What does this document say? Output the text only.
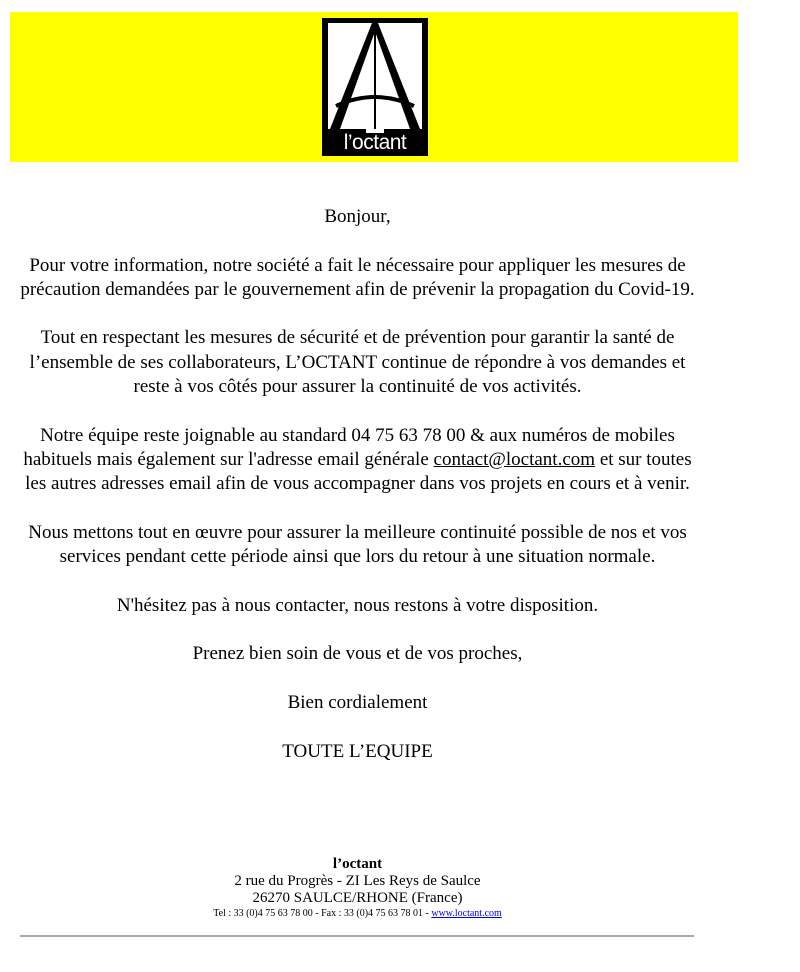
l’octant

Bonjour,

Pour votre information, notre société a fait le nécessaire pour appliquer les mesures de précaution demandées par le gouvernement afin de prévenir la propagation du Covid-19.

Tout en respectant les mesures de sécurité et de prévention pour garantir la santé de l’ensemble de ses collaborateurs, L’OCTANT continue de répondre à vos demandes et reste à vos côtés pour assurer la continuité de vos activités.

Notre équipe reste joignable au standard 04 75 63 78 00 & aux numéros de mobiles habituels mais également sur l'adresse email générale contact@loctant.com et sur toutes les autres adresses email afin de vous accompagner dans vos projets en cours et à venir.

Nous mettons tout en œuvre pour assurer la meilleure continuité possible de nos et vos services pendant cette période ainsi que lors du retour à une situation normale.

N'hésitez pas à nous contacter, nous restons à votre disposition.

Prenez bien soin de vous et de vos proches,

Bien cordialement

TOUTE L’EQUIPE

l’octant
2 rue du Progrès - ZI Les Reys de Saulce
26270 SAULCE/RHONE (France)
Tel : 33 (0)4 75 63 78 00 - Fax : 33 (0)4 75 63 78 01 - www.loctant.com
